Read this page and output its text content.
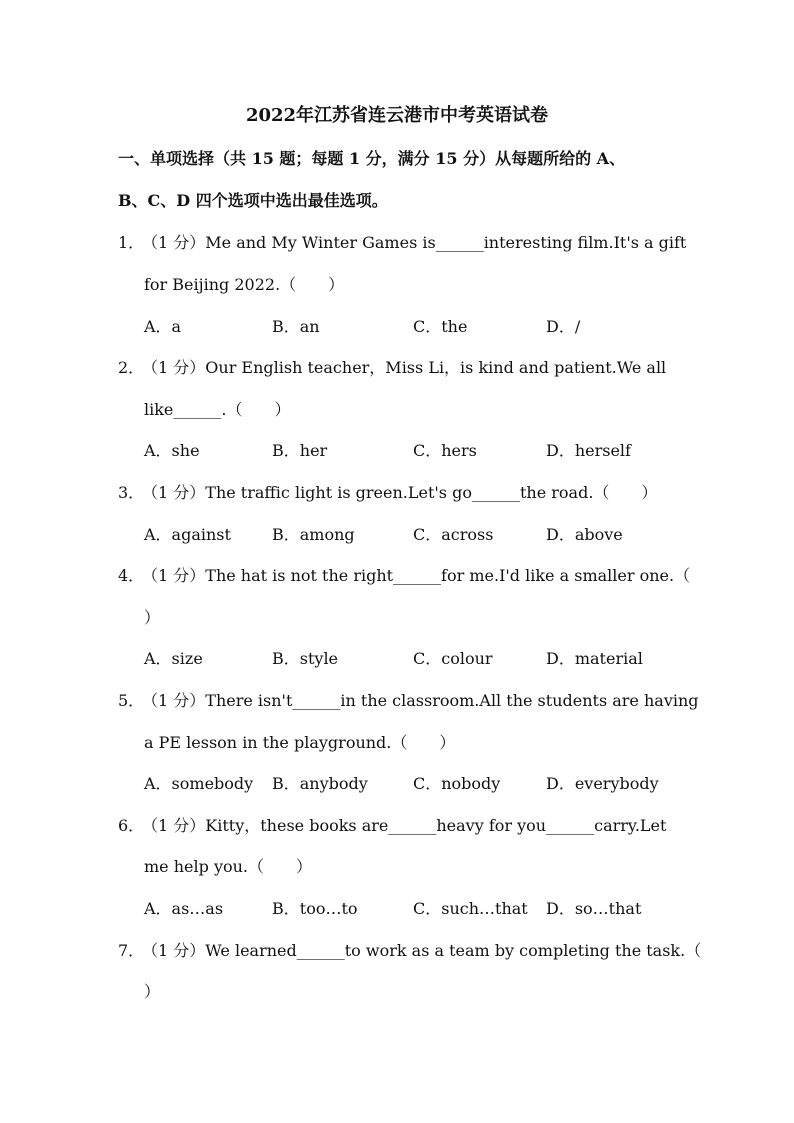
2022年江苏省连云港市中考英语试卷
一、单项选择（共 15 题；每题 1 分，满分 15 分）从每题所给的 A、
B、C、D 四个选项中选出最佳选项。
1．（1 分）Me and My Winter Games is______interesting film.It's a gift
for Beijing 2022.（　　）
A．a	B．an	C．the	D．/
2．（1 分）Our English teacher，Miss Li，is kind and patient.We all
like______.（　　）
A．she	B．her	C．hers	D．herself
3．（1 分）The traffic light is green.Let's go______the road.（　　）
A．against	B．among	C．across	D．above
4．（1 分）The hat is not the right______for me.I'd like a smaller one.（
）
A．size	B．style	C．colour	D．material
5．（1 分）There isn't______in the classroom.All the students are having
a PE lesson in the playground.（　　）
A．somebody B．anybody	C．nobody	D．everybody
6．（1 分）Kitty，these books are______heavy for you______carry.Let
me help you.（　　）
A．as…as	B．too…to	C．such…that D．so…that
7．（1 分）We learned______to work as a team by completing the task.（
）
